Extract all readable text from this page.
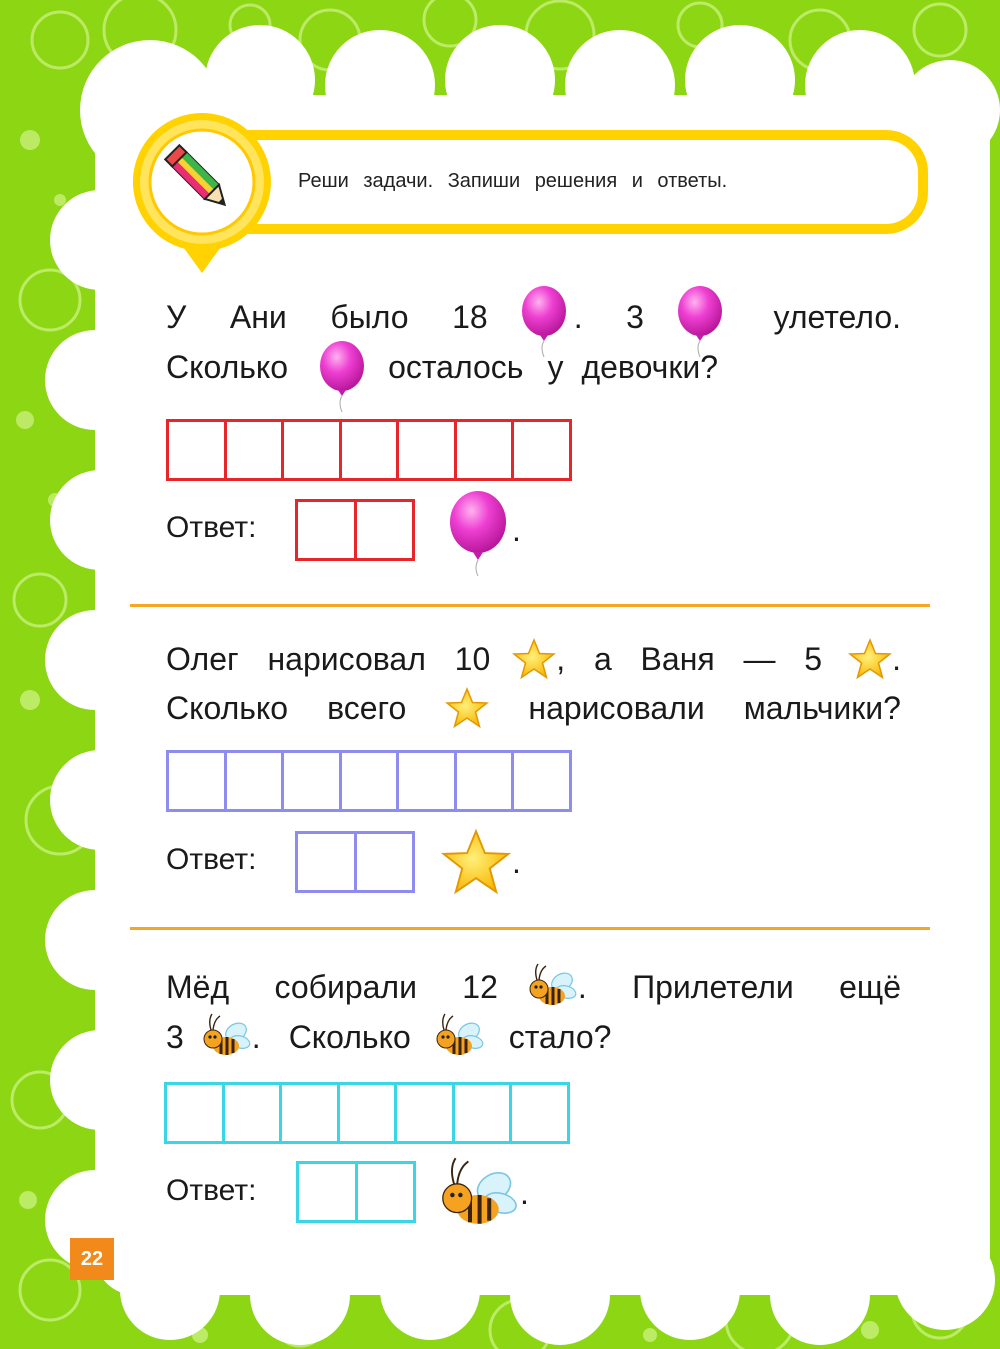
Реши задачи. Запиши решения и ответы.
У Ани было 18	. 3	улетело.
Сколько	осталось у девочки?
Ответ:	.
Олег нарисовал 10 , а Ваня — 5 .
Сколько всего	нарисовали мальчики?
Ответ:	.
Мёд собирали 12	. Прилетели ещё
3 . Сколько	стало?
Ответ:	.
22
